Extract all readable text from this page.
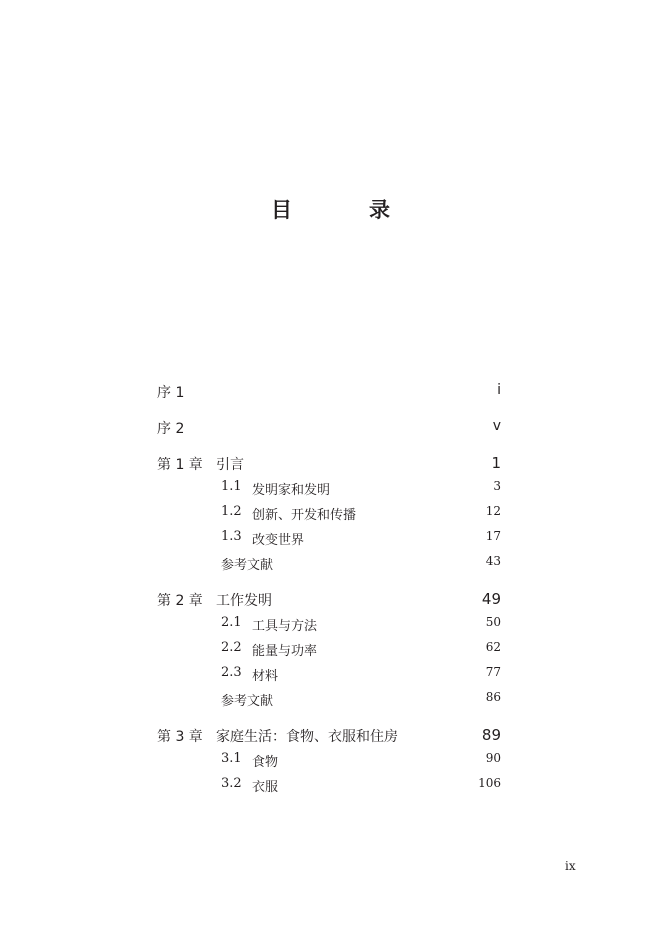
目　录
序 1	i
序 2	v
第 1 章 引言	1
1.1 发明家和发明	3
1.2 创新、开发和传播	12
1.3 改变世界	17
参考文献	43
第 2 章 工作发明	49
2.1 工具与方法	50
2.2 能量与功率	62
2.3 材料	77
参考文献	86
第 3 章 家庭生活：食物、衣服和住房	89
3.1 食物	90
3.2 衣服	106
ix
